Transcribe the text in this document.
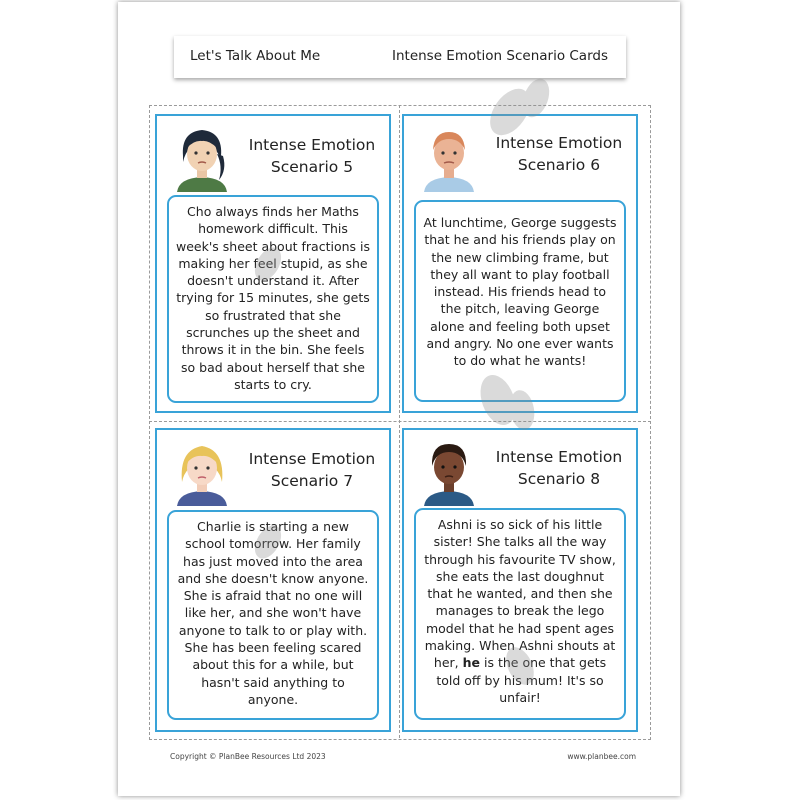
Let's Talk About Me	Intense Emotion Scenario Cards
Intense Emotion
Scenario 5
Cho always finds her Maths homework difficult. This week's sheet about fractions is making her feel stupid, as she doesn't understand it. After trying for 15 minutes, she gets so frustrated that she scrunches up the sheet and throws it in the bin. She feels so bad about herself that she starts to cry.
Intense Emotion
Scenario 6
At lunchtime, George suggests that he and his friends play on the new climbing frame, but they all want to play football instead. His friends head to the pitch, leaving George alone and feeling both upset and angry. No one ever wants to do what he wants!
Intense Emotion
Scenario 7
Charlie is starting a new school tomorrow. Her family has just moved into the area and she doesn't know anyone. She is afraid that no one will like her, and she won't have anyone to talk to or play with. She has been feeling scared about this for a while, but hasn't said anything to anyone.
Intense Emotion
Scenario 8
Ashni is so sick of his little sister! She talks all the way through his favourite TV show, she eats the last doughnut that he wanted, and then she manages to break the lego model that he had spent ages making. When Ashni shouts at her, he is the one that gets told off by his mum! It's so unfair!
Copyright © PlanBee Resources Ltd 2023	www.planbee.com
